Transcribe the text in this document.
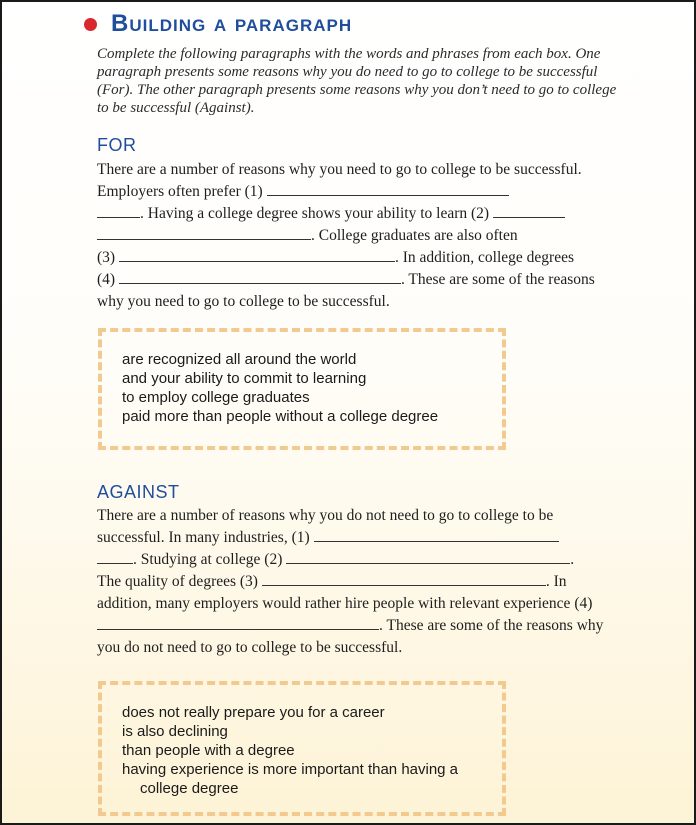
Building a paragraph
Complete the following paragraphs with the words and phrases from each box. One paragraph presents some reasons why you do need to go to college to be successful (For). The other paragraph presents some reasons why you don’t need to go to college to be successful (Against).
FOR
There are a number of reasons why you need to go to college to be successful. Employers often prefer (1)
. Having a college degree shows your ability to learn (2)
. College graduates are also often
(3)	. In addition, college degrees
(4)	. These are some of the reasons why you need to go to college to be successful.
are recognized all around the world
and your ability to commit to learning
to employ college graduates
paid more than people without a college degree
AGAINST
There are a number of reasons why you do not need to go to college to be successful. In many industries, (1)
. Studying at college (2)	.
The quality of degrees (3)	. In addition, many employers would rather hire people with relevant experience (4) . These are some of the reasons why you do not need to go to college to be successful.
does not really prepare you for a career
is also declining
than people with a degree
having experience is more important than having a
college degree
